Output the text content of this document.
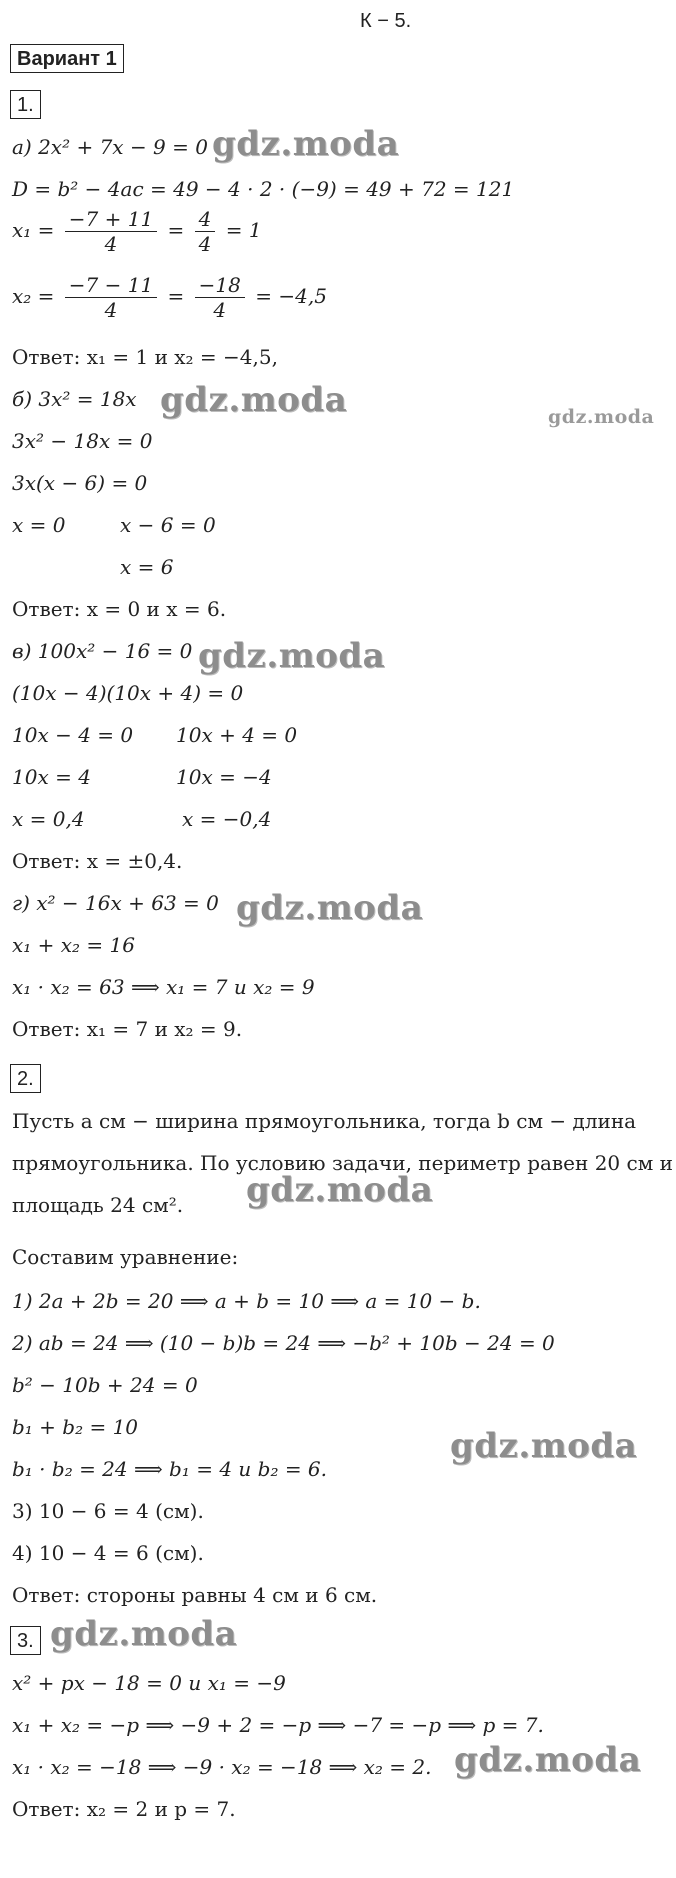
К − 5.
Вариант 1
1.
а) 2x² + 7x − 9 = 0
D = b² − 4ac = 49 − 4 · 2 · (−9) = 49 + 72 = 121
$x_1 = \frac{-7 + 11}{4} = \frac{4}{4} = 1$
$x_2 = \frac{-7 - 11}{4} = \frac{-18}{4} = -4,5$
Ответ: x₁ = 1 и x₂ = −4,5,
б) 3x² = 18x
3x² − 18x = 0
3x(x − 6) = 0
x = 0	x − 6 = 0
x = 6
Ответ: x = 0 и x = 6.
в) 100x² − 16 = 0
(10x − 4)(10x + 4) = 0
10x − 4 = 0 10x + 4 = 0
10x = 4	10x = −4
x = 0,4	x = −0,4
Ответ: x = ±0,4.
г) x² − 16x + 63 = 0
x₁ + x₂ = 16
x₁ · x₂ = 63 ⟹ x₁ = 7 и x₂ = 9
Ответ: x₁ = 7 и x₂ = 9.
2.
Пусть a см − ширина прямоугольника, тогда b см − длина
прямоугольника. По условию задачи, периметр равен 20 см и
площадь 24 см².
Составим уравнение:
1) 2a + 2b = 20 ⟹ a + b = 10 ⟹ a = 10 − b.
2) ab = 24 ⟹ (10 − b)b = 24 ⟹ −b² + 10b − 24 = 0
b² − 10b + 24 = 0
b₁ + b₂ = 10
b₁ · b₂ = 24 ⟹ b₁ = 4 и b₂ = 6.
3) 10 − 6 = 4 (см).
4) 10 − 4 = 6 (см).
Ответ: стороны равны 4 см и 6 см.
3.
x² + px − 18 = 0 и x₁ = −9
x₁ + x₂ = −p ⟹ −9 + 2 = −p ⟹ −7 = −p ⟹ p = 7.
x₁ · x₂ = −18 ⟹ −9 · x₂ = −18 ⟹ x₂ = 2.
Ответ: x₂ = 2 и p = 7.
gdz.moda
gdz.moda	gdz.moda
gdz.moda
gdz.moda
gdz.moda
gdz.moda
gdz.moda
gdz.moda
